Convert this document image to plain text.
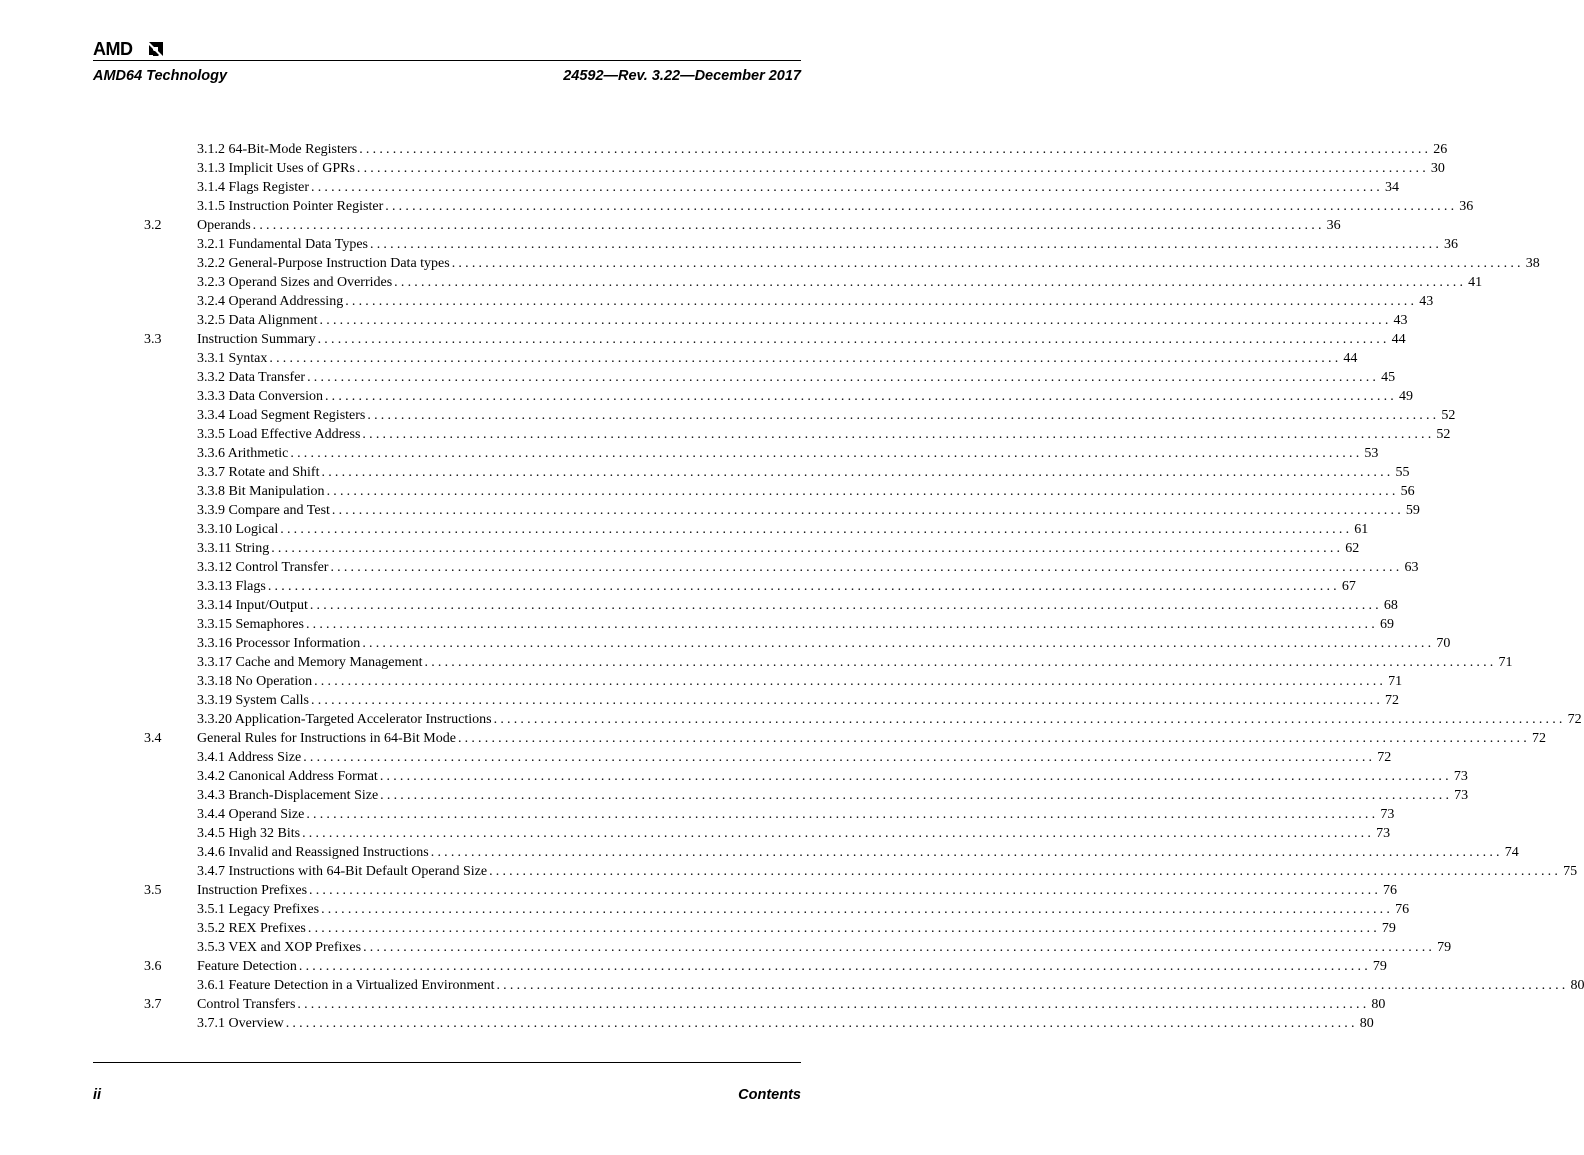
AMD
AMD64 Technology	24592—Rev. 3.22—December 2017
3.1.2 64-Bit-Mode Registers ................................................................................................................................................................ 26
3.1.3 Implicit Uses of GPRs ................................................................................................................................................................ 30
3.1.4 Flags Register ................................................................................................................................................................ 34
3.1.5 Instruction Pointer Register ................................................................................................................................................................ 36
3.2	Operands ................................................................................................................................................................ 36
3.2.1 Fundamental Data Types ................................................................................................................................................................ 36
3.2.2 General-Purpose Instruction Data types ................................................................................................................................................................ 38
3.2.3 Operand Sizes and Overrides ................................................................................................................................................................ 41
3.2.4 Operand Addressing ................................................................................................................................................................ 43
3.2.5 Data Alignment ................................................................................................................................................................ 43
3.3	Instruction Summary ................................................................................................................................................................ 44
3.3.1 Syntax ................................................................................................................................................................ 44
3.3.2 Data Transfer ................................................................................................................................................................ 45
3.3.3 Data Conversion ................................................................................................................................................................ 49
3.3.4 Load Segment Registers ................................................................................................................................................................ 52
3.3.5 Load Effective Address ................................................................................................................................................................ 52
3.3.6 Arithmetic ................................................................................................................................................................ 53
3.3.7 Rotate and Shift ................................................................................................................................................................ 55
3.3.8 Bit Manipulation ................................................................................................................................................................ 56
3.3.9 Compare and Test ................................................................................................................................................................ 59
3.3.10 Logical ................................................................................................................................................................ 61
3.3.11 String ................................................................................................................................................................ 62
3.3.12 Control Transfer ................................................................................................................................................................ 63
3.3.13 Flags ................................................................................................................................................................ 67
3.3.14 Input/Output ................................................................................................................................................................ 68
3.3.15 Semaphores ................................................................................................................................................................ 69
3.3.16 Processor Information ................................................................................................................................................................ 70
3.3.17 Cache and Memory Management ................................................................................................................................................................ 71
3.3.18 No Operation ................................................................................................................................................................ 71
3.3.19 System Calls ................................................................................................................................................................ 72
3.3.20 Application-Targeted Accelerator Instructions ................................................................................................................................................................ 72
3.4	General Rules for Instructions in 64-Bit Mode ................................................................................................................................................................ 72
3.4.1 Address Size ................................................................................................................................................................ 72
3.4.2 Canonical Address Format ................................................................................................................................................................ 73
3.4.3 Branch-Displacement Size ................................................................................................................................................................ 73
3.4.4 Operand Size ................................................................................................................................................................ 73
3.4.5 High 32 Bits ................................................................................................................................................................ 73
3.4.6 Invalid and Reassigned Instructions ................................................................................................................................................................ 74
3.4.7 Instructions with 64-Bit Default Operand Size ................................................................................................................................................................ 75
3.5	Instruction Prefixes ................................................................................................................................................................ 76
3.5.1 Legacy Prefixes ................................................................................................................................................................ 76
3.5.2 REX Prefixes ................................................................................................................................................................ 79
3.5.3 VEX and XOP Prefixes ................................................................................................................................................................ 79
3.6	Feature Detection ................................................................................................................................................................ 79
3.6.1 Feature Detection in a Virtualized Environment ................................................................................................................................................................ 80
3.7	Control Transfers ................................................................................................................................................................ 80
3.7.1 Overview ................................................................................................................................................................ 80
ii	Contents
